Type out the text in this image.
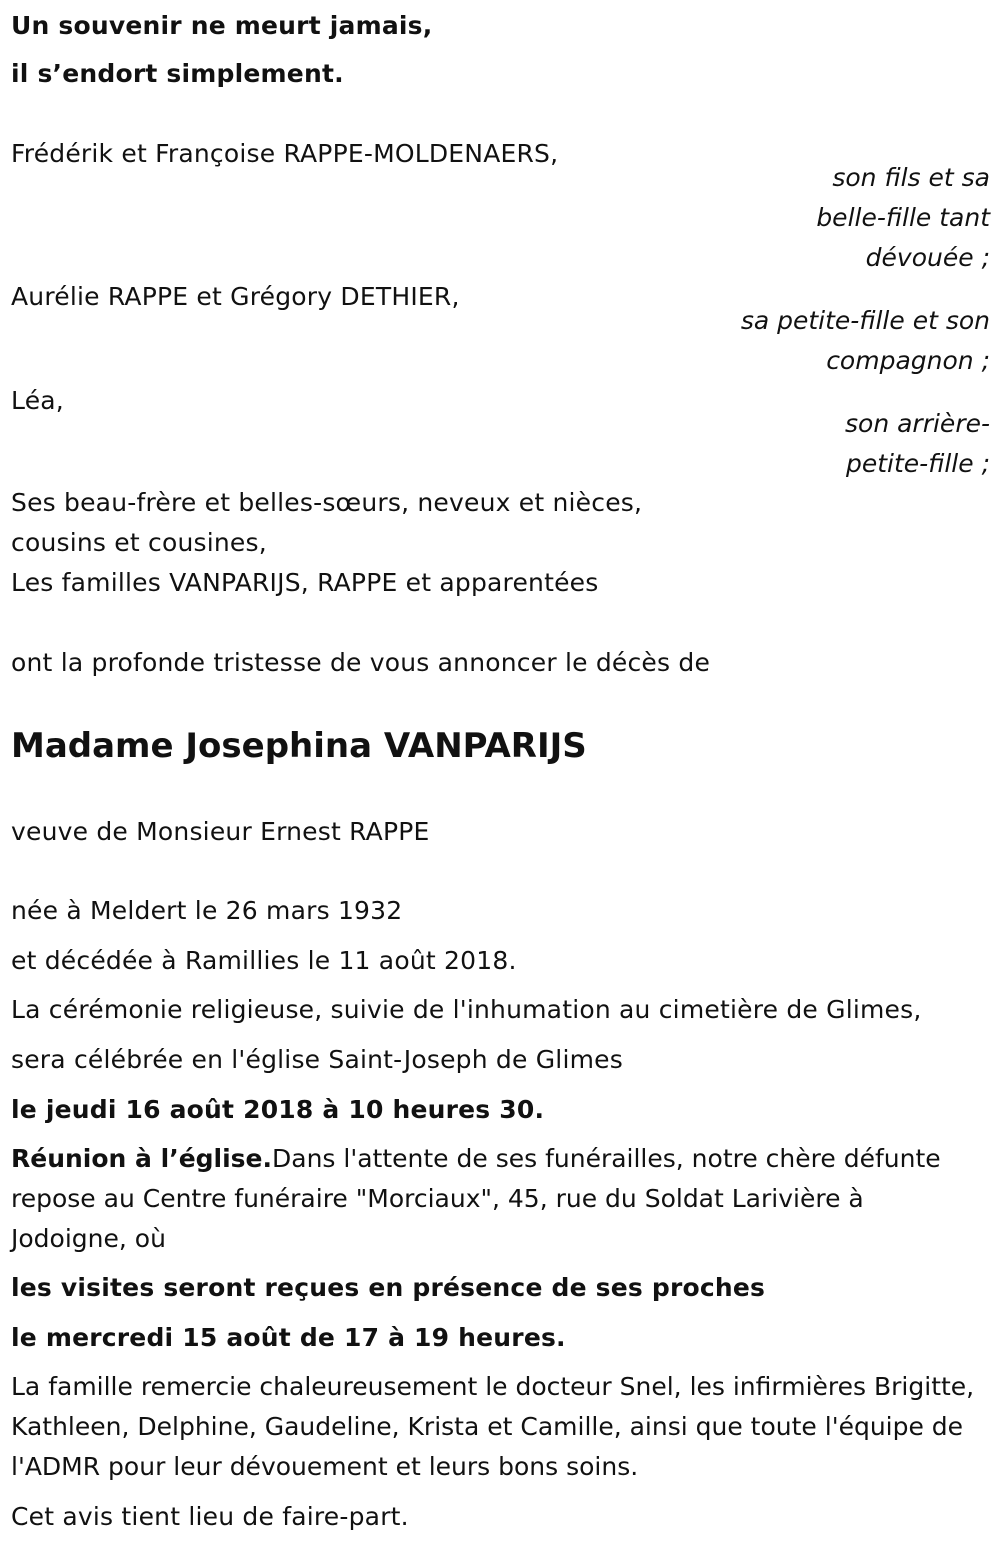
Un souvenir ne meurt jamais,
il s’endort simplement.
Frédérik et Françoise RAPPE-MOLDENAERS,
son fils et sa
belle-fille tant
dévouée ;
Aurélie RAPPE et Grégory DETHIER,
sa petite-fille et son
compagnon ;
Léa,
son arrière-
petite-fille ;
Ses beau-frère et belles-sœurs, neveux et nièces,
cousins et cousines,
Les familles VANPARIJS, RAPPE et apparentées
ont la profonde tristesse de vous annoncer le décès de
Madame Josephina VANPARIJS
veuve de Monsieur Ernest RAPPE
née à Meldert le 26 mars 1932
et décédée à Ramillies le 11 août 2018.
La cérémonie religieuse, suivie de l'inhumation au cimetière de Glimes,
sera célébrée en l'église Saint-Joseph de Glimes
le jeudi 16 août 2018 à 10 heures 30.
Réunion à l’église.Dans l'attente de ses funérailles, notre chère défunte repose au Centre funéraire "Morciaux", 45, rue du Soldat Larivière à Jodoigne, où
les visites seront reçues en présence de ses proches
le mercredi 15 août de 17 à 19 heures.
La famille remercie chaleureusement le docteur Snel, les infirmières Brigitte, Kathleen, Delphine, Gaudeline, Krista et Camille, ainsi que toute l'équipe de l'ADMR pour leur dévouement et leurs bons soins.
Cet avis tient lieu de faire-part.
